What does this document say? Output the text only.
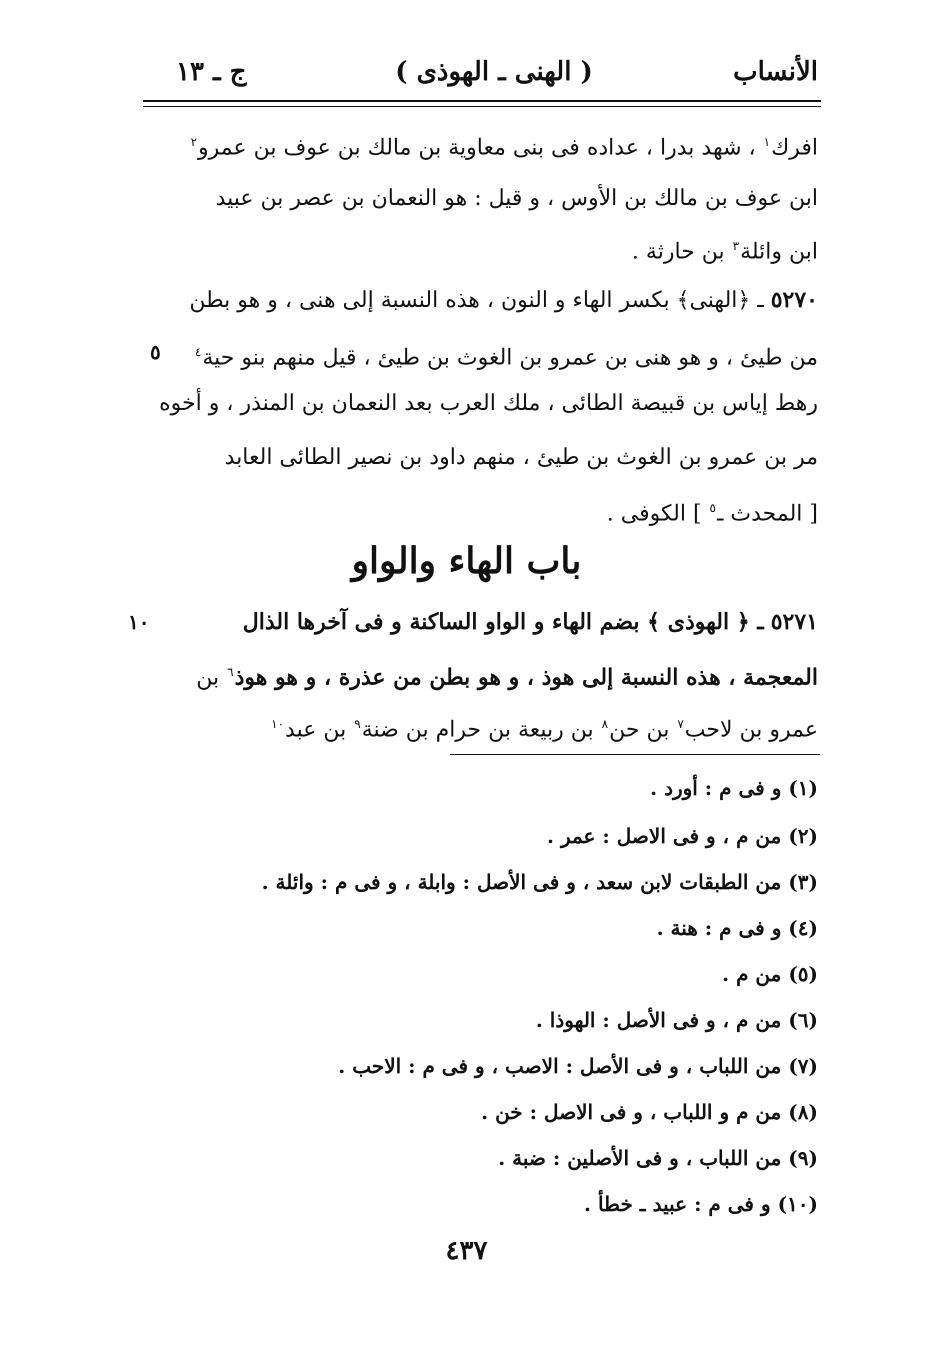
الأنساب
( الهنى ـ الهوذى )
ج ـ ١٣
افرك$^١$ ، شهد بدرا ، عداده فى بنى معاوية بن مالك بن عوف بن عمرو$^٢$
ابن عوف بن مالك بن الأوس ، و قيل : هو النعمان بن عصر بن عبيد
ابن وائلة$^٣$ بن حارثة .
٥٢٧٠ ـ ﴿الهنى﴾ بكسر الهاء و النون ، هذه النسبة إلى هنى ، و هو بطن
من طيئ ، و هو هنى بن عمرو بن الغوث بن طيئ ، قيل منهم بنو حية$^٤$
٥
رهط إياس بن قبيصة الطائى ، ملك العرب بعد النعمان بن المنذر ، و أخوه
مر بن عمرو بن الغوث بن طيئ ، منهم داود بن نصير الطائى العابد
[ المحدث ـ$^٥$ ] الكوفى .
باب الهاء والواو
٥٢٧١ ـ ﴿ الهوذى ﴾ بضم الهاء و الواو الساكنة و فى آخرها الذال
١٠
المعجمة ، هذه النسبة إلى هوذ ، و هو بطن من عذرة ، و هو هوذ$^٦$ بن
عمرو بن لاحب$^٧$ بن حن$^٨$ بن ربيعة بن حرام بن ضنة$^٩$ بن عبد$^{١٠}$
(١) و فى م : أورد .
(٢) من م ، و فى الاصل : عمر .
(٣) من الطبقات لابن سعد ، و فى الأصل : وابلة ، و فى م : وائلة .
(٤) و فى م : هنة .
(٥) من م .
(٦) من م ، و فى الأصل : الهوذا .
(٧) من اللباب ، و فى الأصل : الاصب ، و فى م : الاحب .
(٨) من م و اللباب ، و فى الاصل : خن .
(٩) من اللباب ، و فى الأصلين : ضبة .
(١٠) و فى م : عبيد ـ خطأ .
٤٣٧
